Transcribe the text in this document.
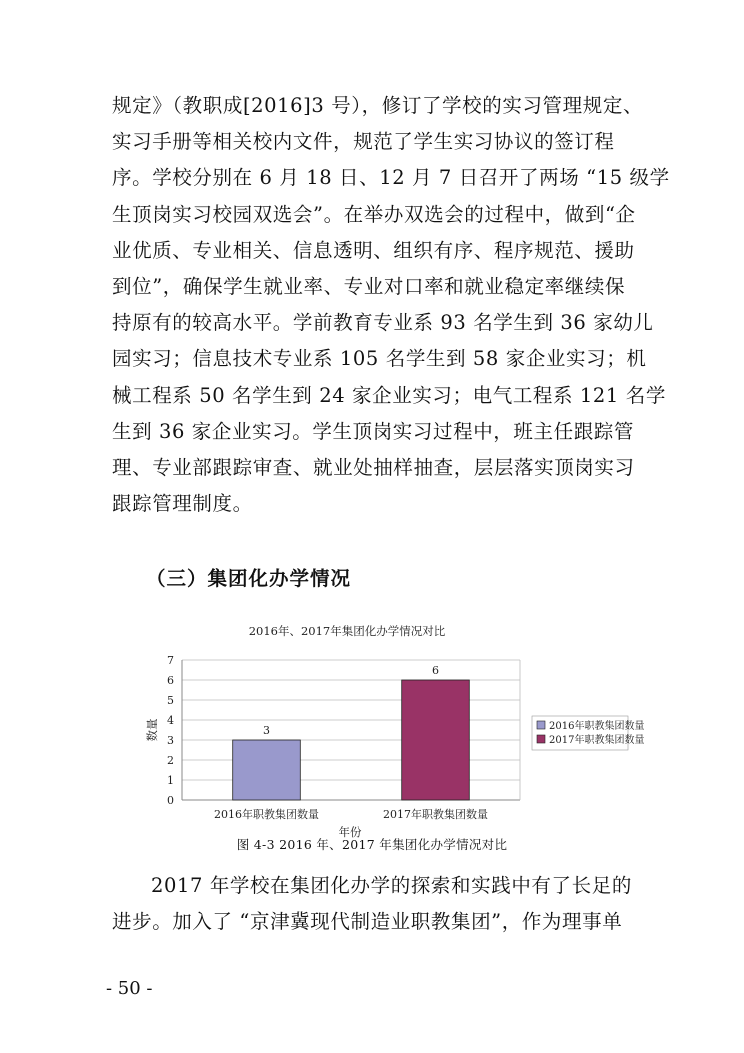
规定》（教职成[2016]3 号），修订了学校的实习管理规定、
实习手册等相关校内文件，规范了学生实习协议的签订程
序。学校分别在 6 月 18 日、12 月 7 日召开了两场 “15 级学
生顶岗实习校园双选会”。在举办双选会的过程中，做到“企
业优质、专业相关、信息透明、组织有序、程序规范、援助
到位”，确保学生就业率、专业对口率和就业稳定率继续保
持原有的较高水平。学前教育专业系 93 名学生到 36 家幼儿
园实习；信息技术专业系 105 名学生到 58 家企业实习；机
械工程系 50 名学生到 24 家企业实习；电气工程系 121 名学
生到 36 家企业实习。学生顶岗实习过程中，班主任跟踪管
理、专业部跟踪审查、就业处抽样抽查，层层落实顶岗实习
跟踪管理制度。
（三）集团化办学情况
2016年、2017年集团化办学情况对比
3
2016年职教集团数量
6
2017年职教集团数量
0
1
2
3
4
5
6
7
数量
年份
2016年职教集团数量
2017年职教集团数量
图 4-3 2016 年、2017 年集团化办学情况对比
2017 年学校在集团化办学的探索和实践中有了长足的
进步。加入了 “京津冀现代制造业职教集团”，作为理事单
- 50 -
